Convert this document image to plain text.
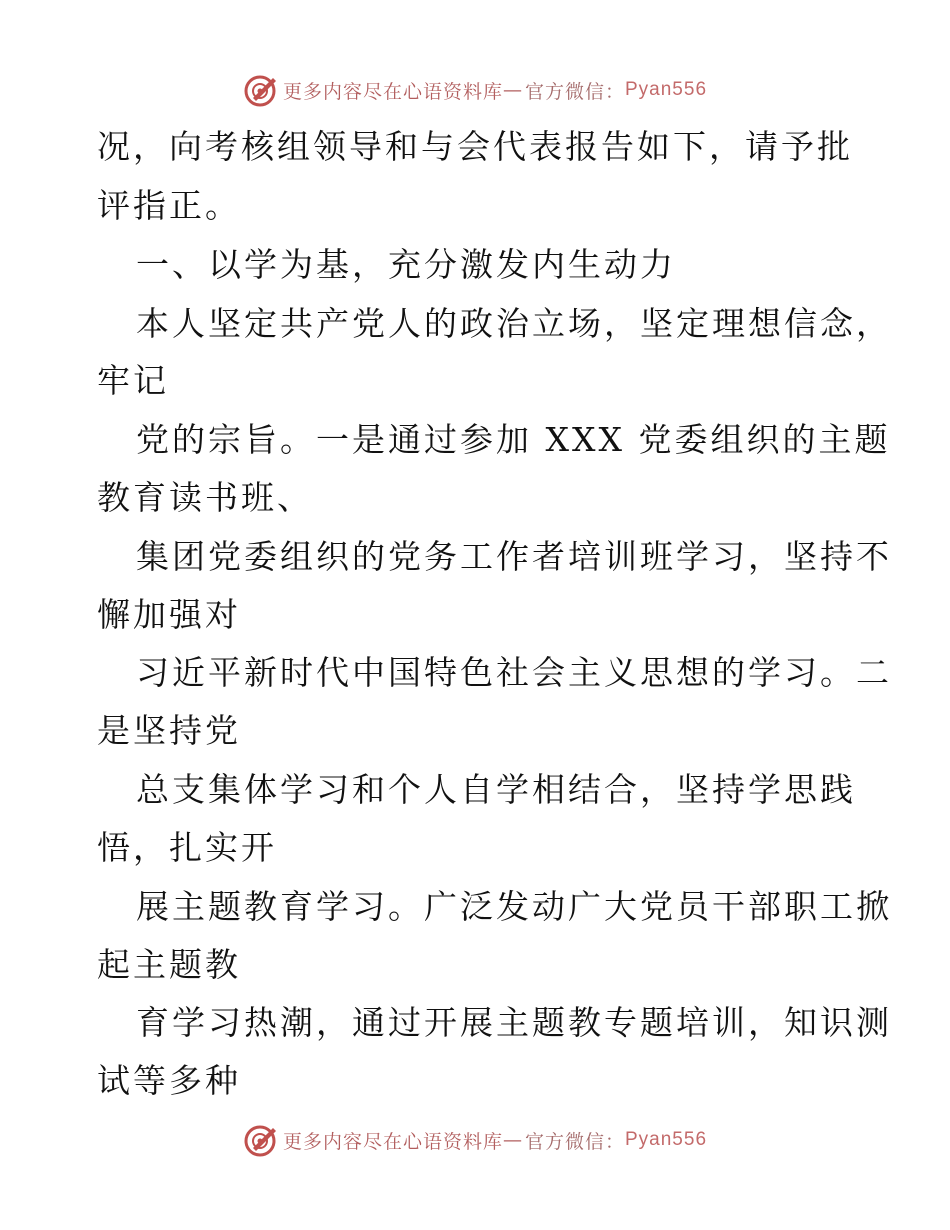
更多内容尽在心语资料库 — 官方微信： Pyan556
况，向考核组领导和与会代表报告如下，请予批
评指正。
一、以学为基，充分激发内生动力
本人坚定共产党人的政治立场，坚定理想信念，
牢记
党的宗旨。一是通过参加 XXX 党委组织的主题
教育读书班、
集团党委组织的党务工作者培训班学习，坚持不
懈加强对
习近平新时代中国特色社会主义思想的学习。二
是坚持党
总支集体学习和个人自学相结合，坚持学思践
悟，扎实开
展主题教育学习。广泛发动广大党员干部职工掀
起主题教
育学习热潮，通过开展主题教专题培训，知识测
试等多种
更多内容尽在心语资料库 — 官方微信： Pyan556
